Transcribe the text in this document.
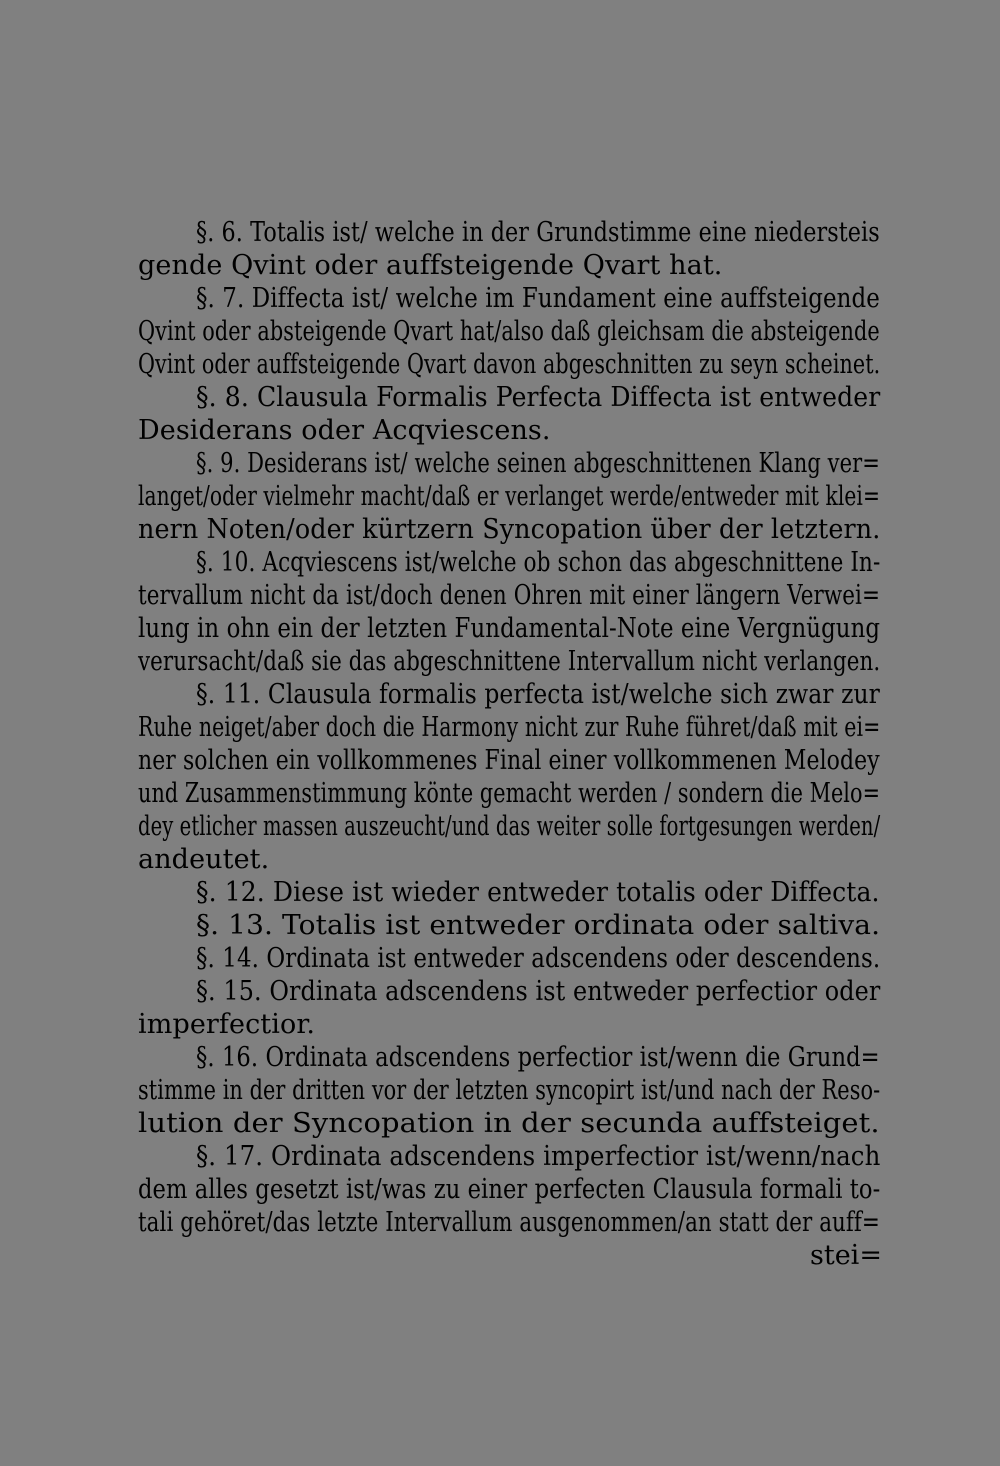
§. 6. Totalis ist/ welche in der Grundstimme eine niedersteis
gende Qvint oder auffsteigende Qvart hat.
§. 7. Diffecta ist/ welche im Fundament eine auffsteigende
Qvint oder absteigende Qvart hat/also daß gleichsam die absteigende
Qvint oder auffsteigende Qvart davon abgeschnitten zu seyn scheinet.
§. 8. Clausula Formalis Perfecta Diffecta ist entweder
Desiderans oder Acqviescens.
§. 9. Desiderans ist/ welche seinen abgeschnittenen Klang ver=
langet/oder vielmehr macht/daß er verlanget werde/entweder mit klei=
nern Noten/oder kürtzern Syncopation über der letztern.
§. 10. Acqviescens ist/welche ob schon das abgeschnittene In-
tervallum nicht da ist/doch denen Ohren mit einer längern Verwei=
lung in ohn ein der letzten Fundamental-Note eine Vergnügung
verursacht/daß sie das abgeschnittene Intervallum nicht verlangen.
§. 11. Clausula formalis perfecta ist/welche sich zwar zur
Ruhe neiget/aber doch die Harmony nicht zur Ruhe führet/daß mit ei=
ner solchen ein vollkommenes Final einer vollkommenen Melodey
und Zusammenstimmung könte gemacht werden / sondern die Melo=
dey etlicher massen auszeucht/und das weiter solle fortgesungen werden/
andeutet.
§. 12. Diese ist wieder entweder totalis oder Diffecta.
§. 13. Totalis ist entweder ordinata oder saltiva.
§. 14. Ordinata ist entweder adscendens oder descendens.
§. 15. Ordinata adscendens ist entweder perfectior oder
imperfectior.
§. 16. Ordinata adscendens perfectior ist/wenn die Grund=
stimme in der dritten vor der letzten syncopirt ist/und nach der Reso-
lution der Syncopation in der secunda auffsteiget.
§. 17. Ordinata adscendens imperfectior ist/wenn/nach
dem alles gesetzt ist/was zu einer perfecten Clausula formali to-
tali gehöret/das letzte Intervallum ausgenommen/an statt der auff=
stei=
